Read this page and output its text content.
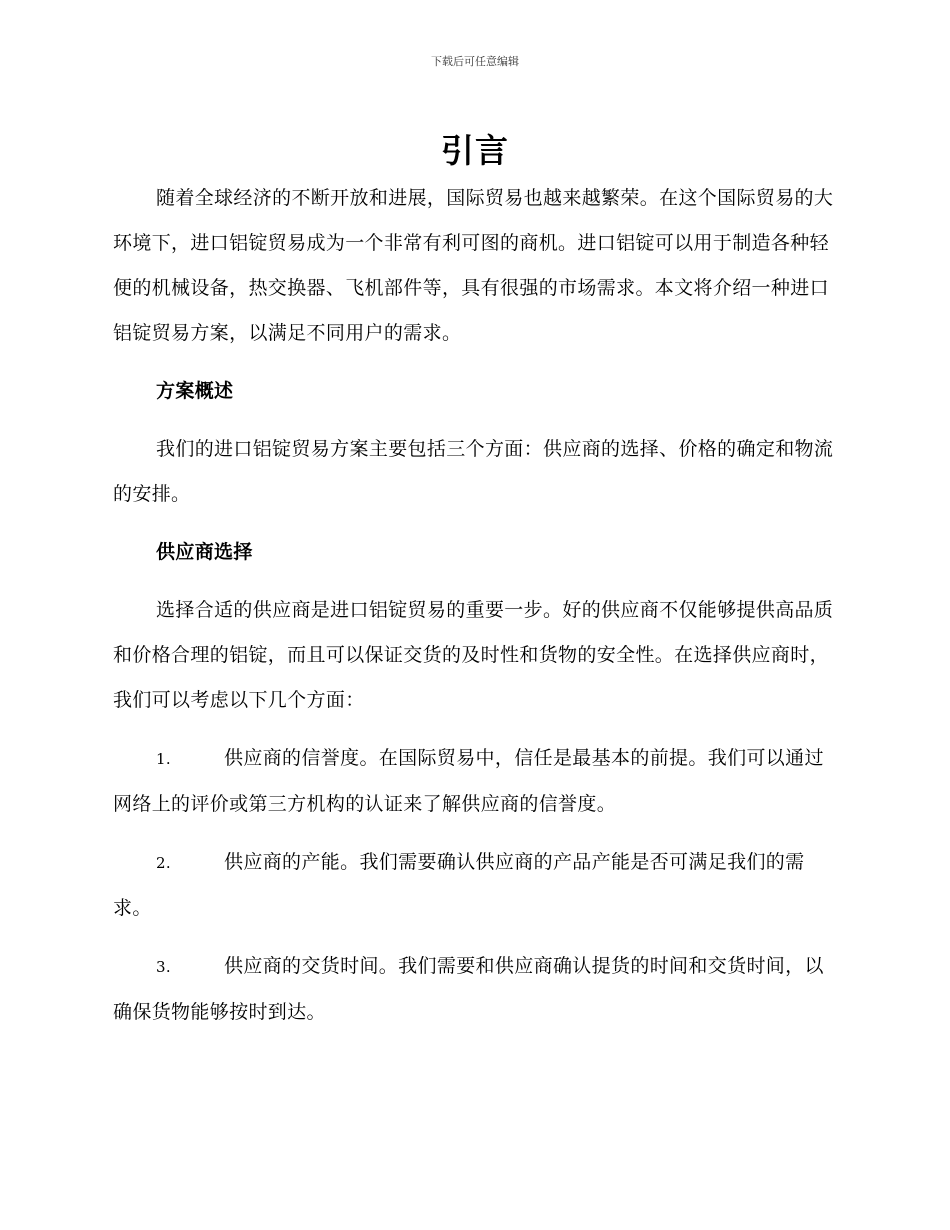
下载后可任意编辑
引言

随着全球经济的不断开放和进展，国际贸易也越来越繁荣。在这个国际贸易的大环境下，进口铝锭贸易成为一个非常有利可图的商机。进口铝锭可以用于制造各种轻便的机械设备，热交换器、飞机部件等，具有很强的市场需求。本文将介绍一种进口铝锭贸易方案，以满足不同用户的需求。

方案概述

我们的进口铝锭贸易方案主要包括三个方面：供应商的选择、价格的确定和物流的安排。

供应商选择

选择合适的供应商是进口铝锭贸易的重要一步。好的供应商不仅能够提供高品质和价格合理的铝锭，而且可以保证交货的及时性和货物的安全性。在选择供应商时，我们可以考虑以下几个方面：

1.	供应商的信誉度。在国际贸易中，信任是最基本的前提。我们可以通过网络上的评价或第三方机构的认证来了解供应商的信誉度。

2.	供应商的产能。我们需要确认供应商的产品产能是否可满足我们的需求。

3.	供应商的交货时间。我们需要和供应商确认提货的时间和交货时间，以确保货物能够按时到达。
